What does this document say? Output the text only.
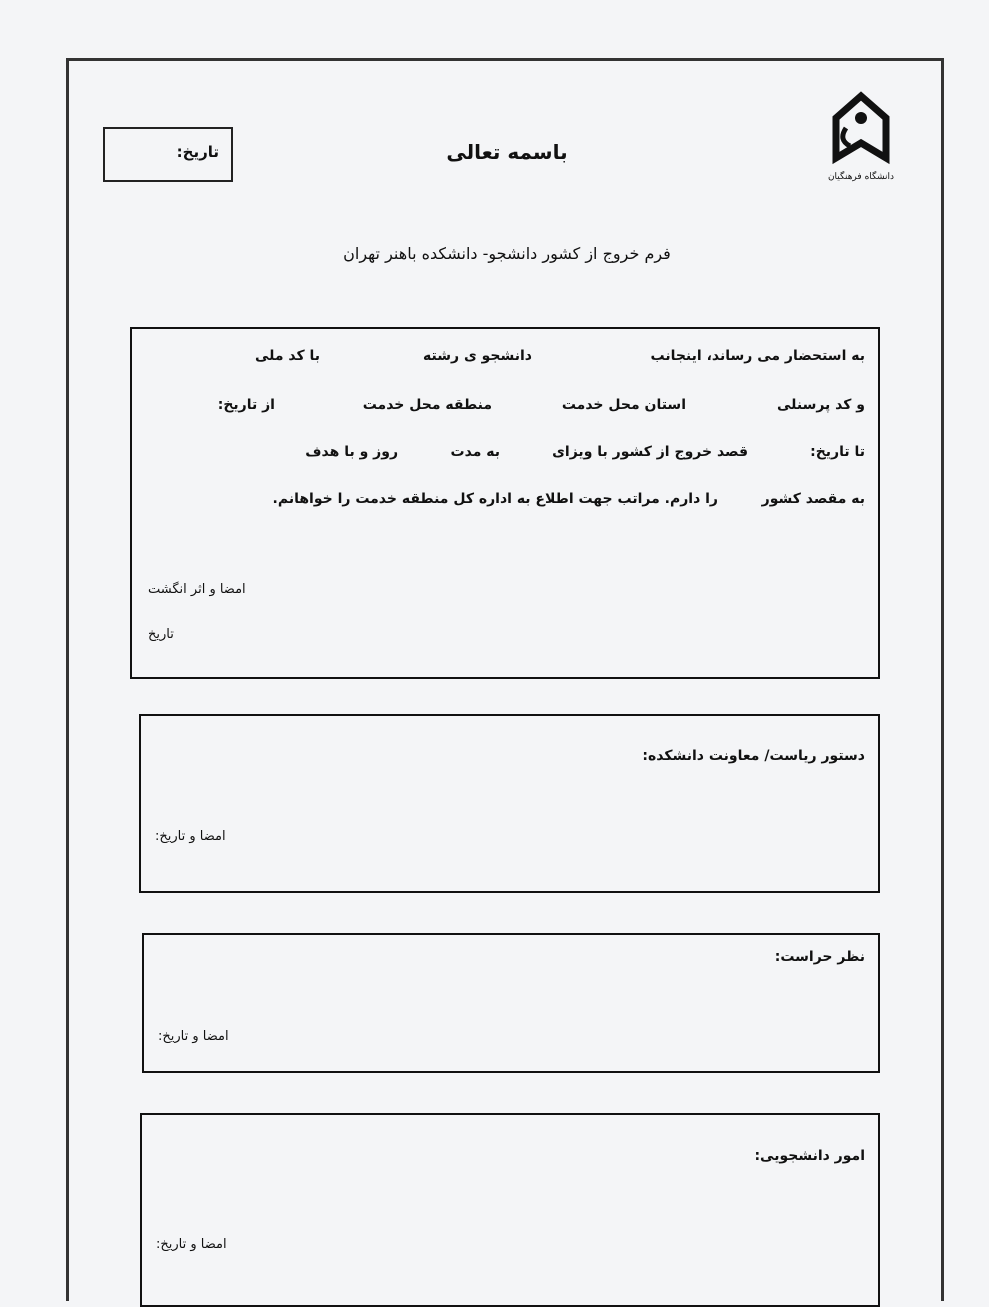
دانشگاه فرهنگیان
تاریخ:	باسمه تعالی
فرم خروج از کشور دانشجو- دانشکده باهنر تهران
به استحضار می رساند، اینجانب
دانشجو ی رشته
با کد ملی
و کد پرسنلی
استان محل خدمت
منطقه محل خدمت
از تاریخ:
تا تاریخ:
قصد خروج از کشور با ویزای
به مدت
روز و با هدف
به مقصد کشور
را دارم. مراتب جهت اطلاع به اداره کل منطقه خدمت را خواهانم.
امضا و اثر انگشت
تاریخ
دستور ریاست/ معاونت دانشکده:
امضا و تاریخ:
نظر حراست:
امضا و تاریخ:
امور دانشجویی:
امضا و تاریخ:
